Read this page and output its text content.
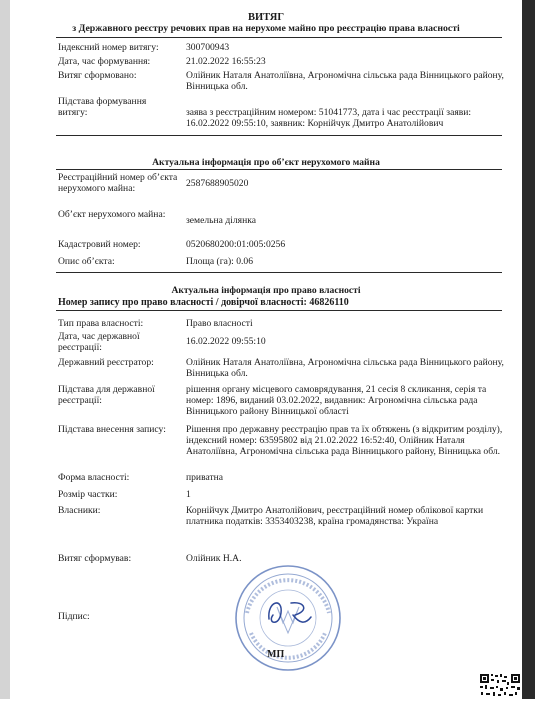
ВИТЯГ
з Державного реєстру речових прав на нерухоме майно про реєстрацію права власності
Індексний номер витягу:	300700943
Дата, час формування:	21.02.2022 16:55:23
Витяг сформовано:	Олійник Наталя Анатоліївна, Агрономічна сільська рада Вінницького району, Вінницька обл.
Підстава формування витягу:	заява з реєстраційним номером: 51041773, дата і час реєстрації заяви: 16.02.2022 09:55:10, заявник: Корнійчук Дмитро Анатолійович
Актуальна інформація про об’єкт нерухомого майна
Реєстраційний номер об’єкта нерухомого майна:	2587688905020
Об’єкт нерухомого майна:
земельна ділянка
Кадастровий номер:	0520680200:01:005:0256
Опис об’єкта:	Площа (га): 0.06
Актуальна інформація про право власності
Номер запису про право власності / довірчої власності: 46826110
Тип права власності:	Право власності
Дата, час державної реєстрації:
16.02.2022 09:55:10
Державний реєстратор:	Олійник Наталя Анатоліївна, Агрономічна сільська рада Вінницького району, Вінницька обл.
Підстава для державної реєстрації:
рішення органу місцевого самоврядування, 21 сесія 8 скликання, серія та номер: 1896, виданий 03.02.2022, видавник: Агрономічна сільська рада Вінницького району Вінницької області
Підстава внесення запису: Рішення про державну реєстрацію прав та їх обтяжень (з відкритим розділу), індексний номер: 63595802 від 21.02.2022 16:52:40, Олійник Наталя Анатоліївна, Агрономічна сільська рада Вінницького району, Вінницька обл.
Форма власності:	приватна
Розмір частки:	1
Власники:	Корнійчук Дмитро Анатолійович, реєстраційний номер облікової картки платника податків: 3353403238, країна громадянства: Україна
Витяг сформував:	Олійник Н.А.
Підпис:
МП
